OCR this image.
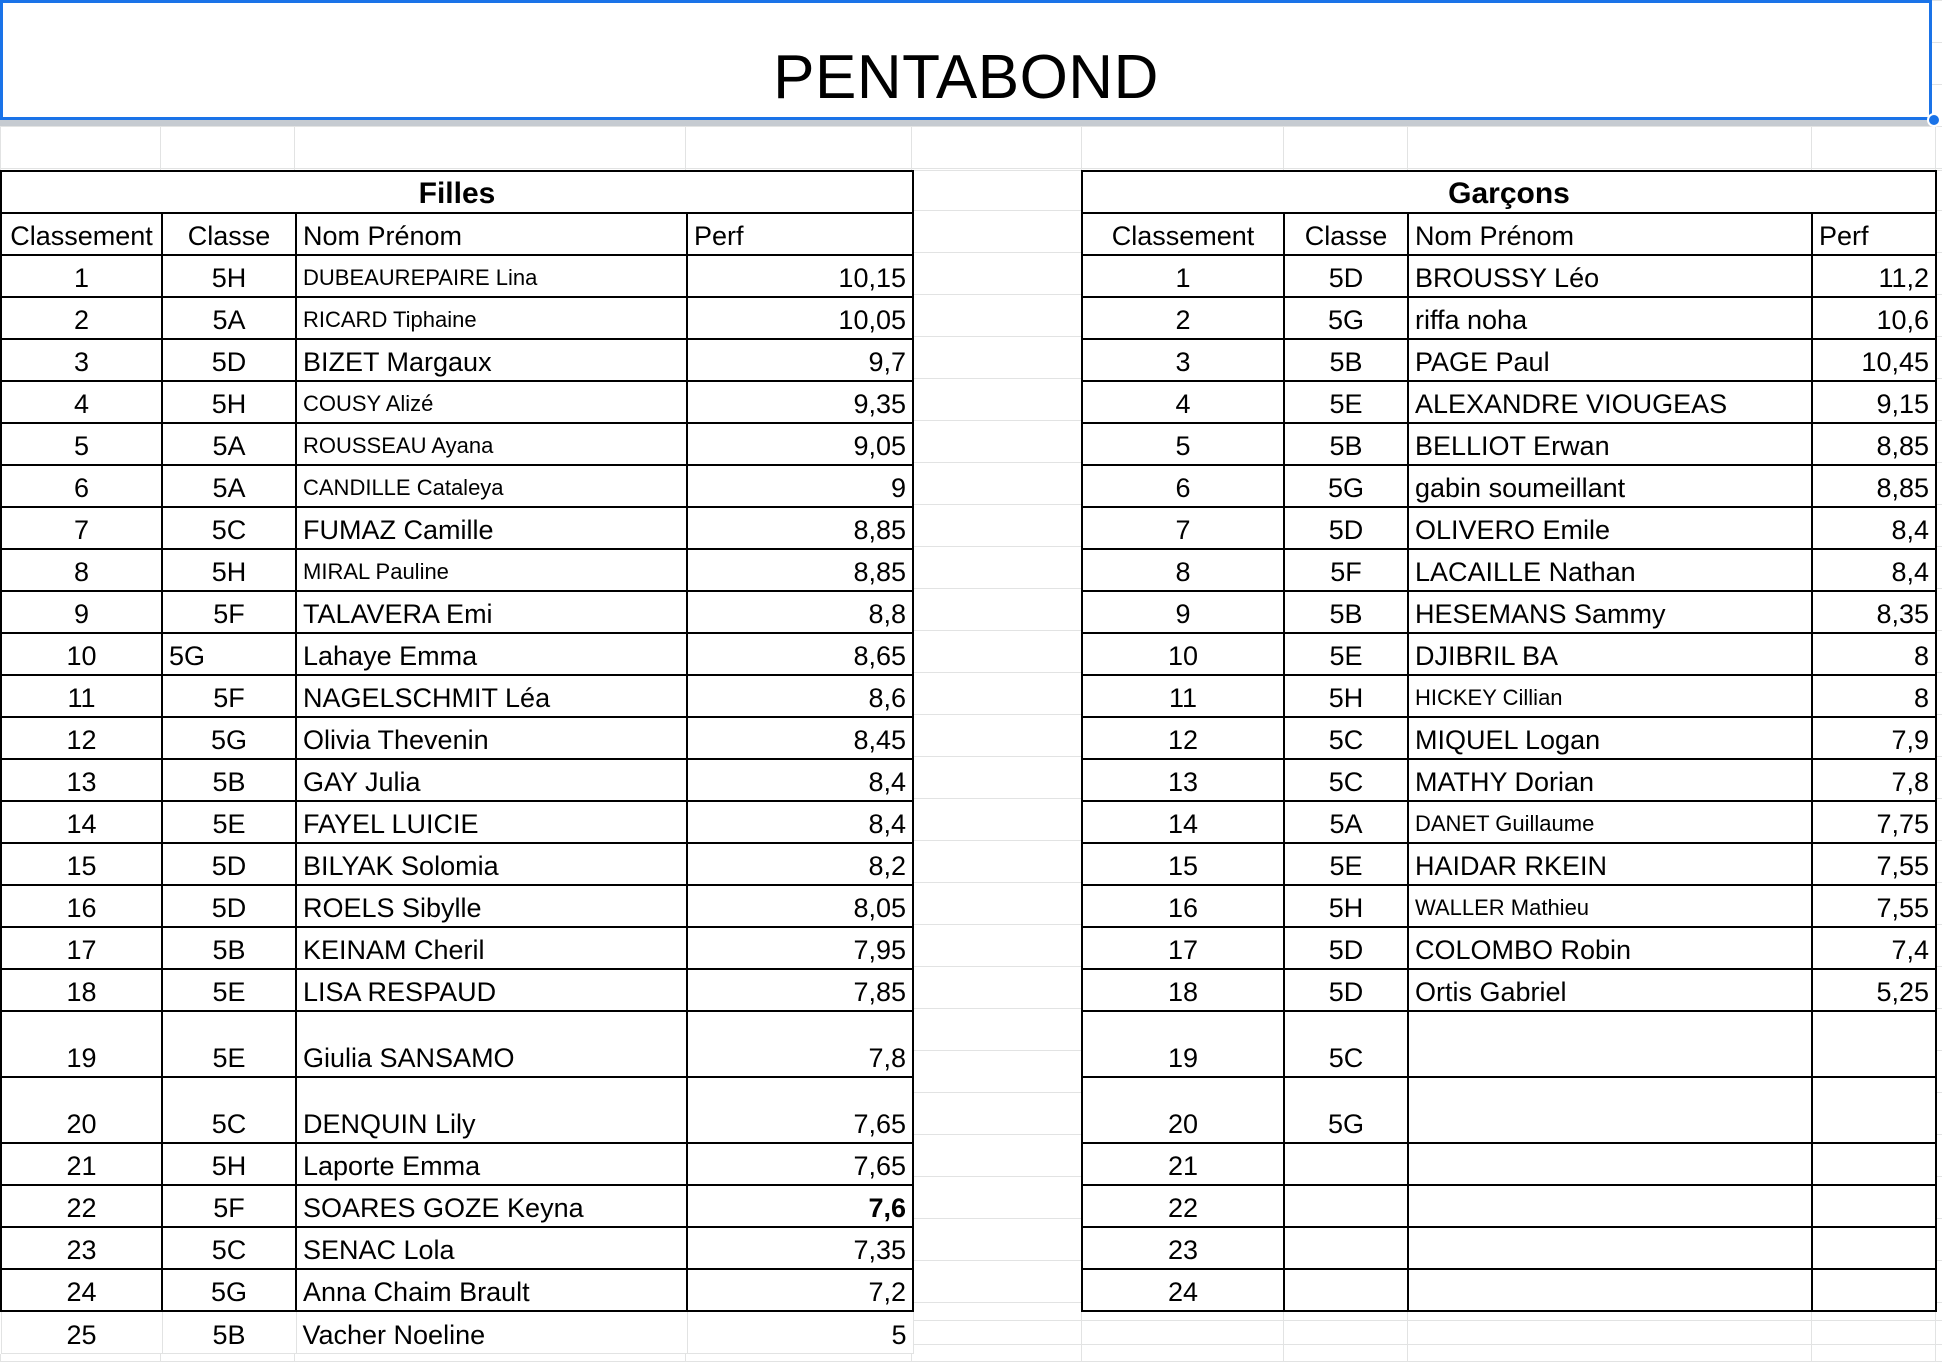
PENTABOND
Filles			
Classement	Classe	Nom Prénom	Perf
1	5H	DUBEAUREPAIRE Lina	10,15
2	5A	RICARD Tiphaine	10,05
3	5D	BIZET Margaux	9,7
4	5H	COUSY Alizé	9,35
5	5A	ROUSSEAU Ayana	9,05
6	5A	CANDILLE Cataleya	9
7	5C	FUMAZ Camille	8,85
8	5H	MIRAL Pauline	8,85
9	5F	TALAVERA Emi	8,8
10	5G	Lahaye Emma	8,65
11	5F	NAGELSCHMIT Léa	8,6
12	5G	Olivia Thevenin	8,45
13	5B	GAY Julia	8,4
14	5E	FAYEL LUICIE	8,4
15	5D	BILYAK Solomia	8,2
16	5D	ROELS Sibylle	8,05
17	5B	KEINAM Cheril	7,95
18	5E	LISA RESPAUD	7,85
19	5E	Giulia SANSAMO	7,8
20	5C	DENQUIN Lily	7,65
21	5H	Laporte Emma	7,65
22	5F	SOARES GOZE Keyna	7,6
23	5C	SENAC Lola	7,35
24	5G	Anna Chaim Brault	7,2
25	5B	Vacher Noeline	5
Garçons			
Classement	Classe	Nom Prénom	Perf
1	5D	BROUSSY Léo	11,2
2	5G	riffa noha	10,6
3	5B	PAGE Paul	10,45
4	5E	ALEXANDRE VIOUGEAS	9,15
5	5B	BELLIOT Erwan	8,85
6	5G	gabin soumeillant	8,85
7	5D	OLIVERO Emile	8,4
8	5F	LACAILLE Nathan	8,4
9	5B	HESEMANS Sammy	8,35
10	5E	DJIBRIL BA	8
11	5H	HICKEY Cillian	8
12	5C	MIQUEL Logan	7,9
13	5C	MATHY Dorian	7,8
14	5A	DANET Guillaume	7,75
15	5E	HAIDAR RKEIN	7,55
16	5H	WALLER Mathieu	7,55
17	5D	COLOMBO Robin	7,4
18	5D	Ortis Gabriel	5,25
19	5C		
20	5G		
21			
22			
23			
24			
